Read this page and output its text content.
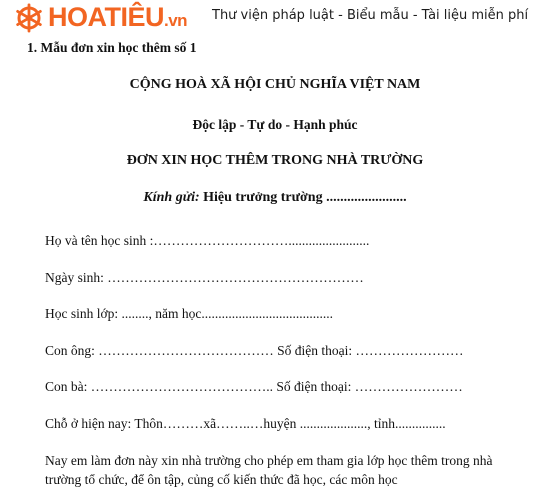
HOATIÊU.vn Thư viện pháp luật - Biểu mẫu - Tài liệu miễn phí
1. Mẫu đơn xin học thêm số 1
CỘNG HOÀ XÃ HỘI CHỦ NGHĨA VIỆT NAM
Độc lập - Tự do - Hạnh phúc
ĐƠN XIN HỌC THÊM TRONG NHÀ TRƯỜNG
Kính gửi: Hiệu trưởng trường .......................
Họ và tên học sinh :…………………………........................
Ngày sinh: …………………………………………………
Học sinh lớp: ........, năm học.......................................
Con ông: ………………………………… Số điện thoại: ……………………
Con bà: ………………………………….. Số điện thoại: ……………………
Chỗ ở hiện nay: Thôn………xã……..…huyện ...................., tỉnh...............
Nay em làm đơn này xin nhà trường cho phép em tham gia lớp học thêm trong nhà
trường tổ chức, để ôn tập, củng cố kiến thức đã học, các môn học
